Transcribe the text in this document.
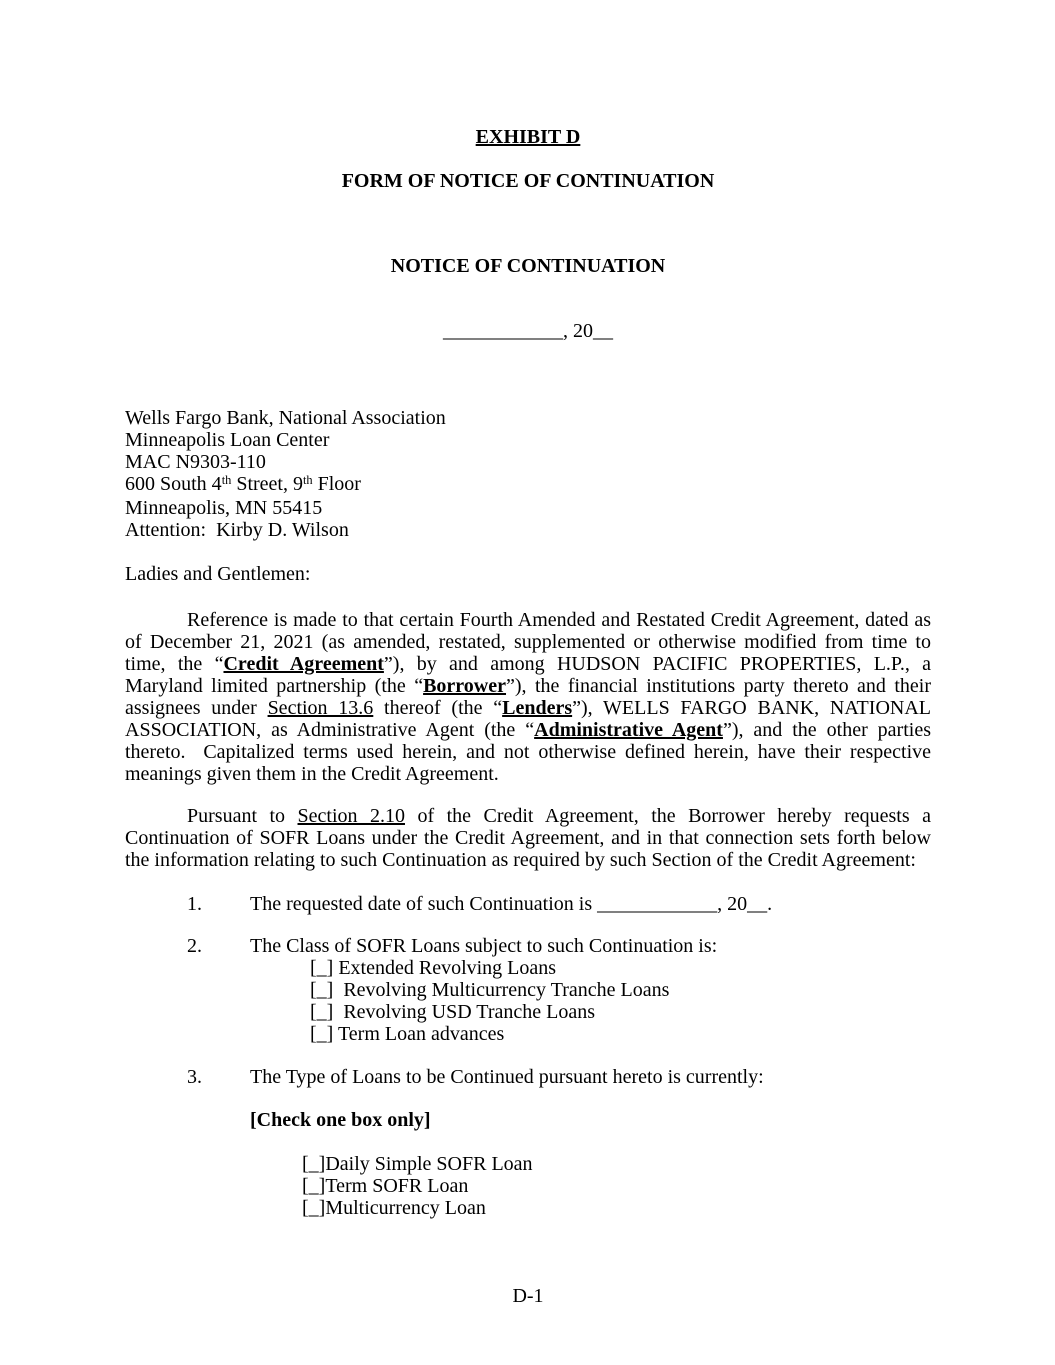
EXHIBIT D
FORM OF NOTICE OF CONTINUATION
NOTICE OF CONTINUATION
____________, 20__
Wells Fargo Bank, National Association
Minneapolis Loan Center
MAC N9303-110
600 South 4th Street, 9th Floor
Minneapolis, MN 55415
Attention:  Kirby D. Wilson
Ladies and Gentlemen:
Reference is made to that certain Fourth Amended and Restated Credit Agreement, dated as of December 21, 2021 (as amended, restated, supplemented or otherwise modified from time to time, the “Credit Agreement”), by and among HUDSON PACIFIC PROPERTIES, L.P., a Maryland limited partnership (the “Borrower”), the financial institutions party thereto and their assignees under Section 13.6 thereof (the “Lenders”), WELLS FARGO BANK, NATIONAL ASSOCIATION, as Administrative Agent (the “Administrative Agent”), and the other parties thereto.  Capitalized terms used herein, and not otherwise defined herein, have their respective meanings given them in the Credit Agreement.
Pursuant to Section 2.10 of the Credit Agreement, the Borrower hereby requests a Continuation of SOFR Loans under the Credit Agreement, and in that connection sets forth below the information relating to such Continuation as required by such Section of the Credit Agreement:
1.	The requested date of such Continuation is ____________, 20__.
2.	The Class of SOFR Loans subject to such Continuation is:
[_] Extended Revolving Loans
[_]  Revolving Multicurrency Tranche Loans
[_]  Revolving USD Tranche Loans
[_] Term Loan advances
3.	The Type of Loans to be Continued pursuant hereto is currently:
[Check one box only]
[_]Daily Simple SOFR Loan
[_]Term SOFR Loan
[_]Multicurrency Loan
D-1
